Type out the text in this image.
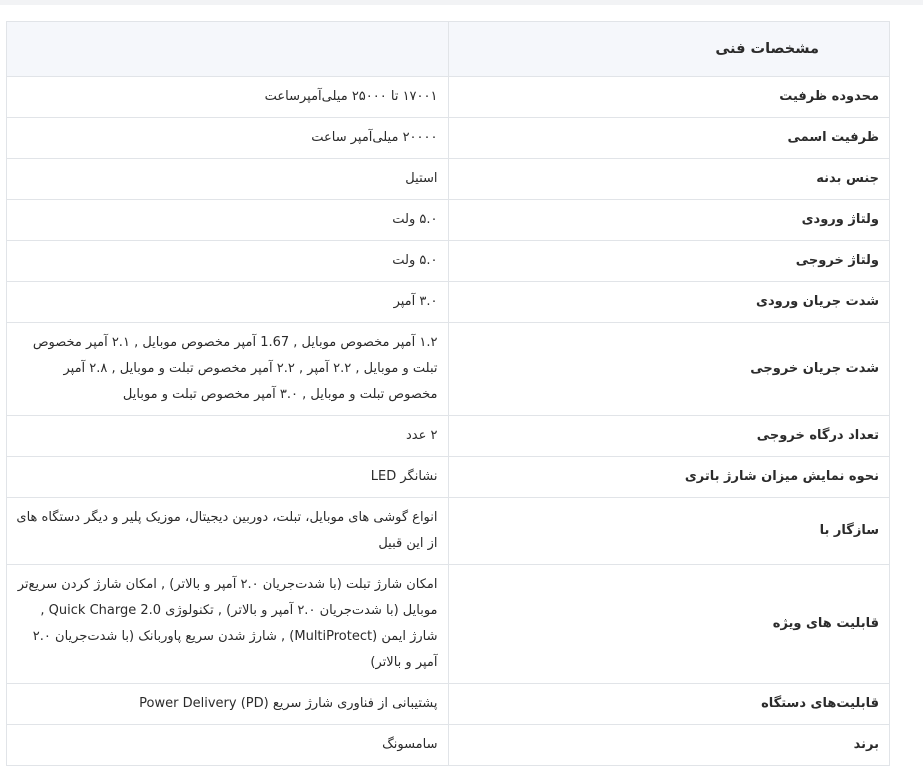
مشخصات فنی	
محدوده ظرفیت	۱۷۰۰۱ تا ۲۵۰۰۰ میلی‌آمپرساعت
ظرفیت اسمی	۲۰۰۰۰ میلی‌آمپر ساعت
جنس بدنه	استیل
ولتاژ ورودی	۵.۰ ولت
ولتاژ خروجی	۵.۰ ولت
شدت جریان ورودی	۳.۰ آمپر
شدت جریان خروجی	۱.۲ آمپر مخصوص موبایل , 1.67 آمپر مخصوص موبایل , ۲.۱ آمپر مخصوص تبلت و موبایل , ۲.۲ آمپر , ۲.۲ آمپر مخصوص تبلت و موبایل , ۲.۸ آمپر مخصوص تبلت و موبایل , ۳.۰ آمپر مخصوص تبلت و موبایل
تعداد درگاه خروجی	۲ عدد
نحوه نمایش میزان شارژ باتری	نشانگر LED
سازگار با	انواع گوشی های موبایل، تبلت، دوربین دیجیتال، موزیک پلیر و دیگر دستگاه های از این قبیل
قابلیت های ویژه	امکان شارژ تبلت (با شدت‌جریان ۲.۰ آمپر و بالاتر) , امکان شارژ کردن سریع‌تر موبایل (با شدت‌جریان ۲.۰ آمپر و بالاتر) , تکنولوژی Quick Charge 2.0 , شارژ ایمن (MultiProtect) , شارژ شدن سریع پاوربانک (با شدت‌جریان ۲.۰ آمپر و بالاتر)
قابلیت‌های دستگاه	پشتیبانی از فناوری شارژ سریع (Power Delivery (PD
برند	سامسونگ
